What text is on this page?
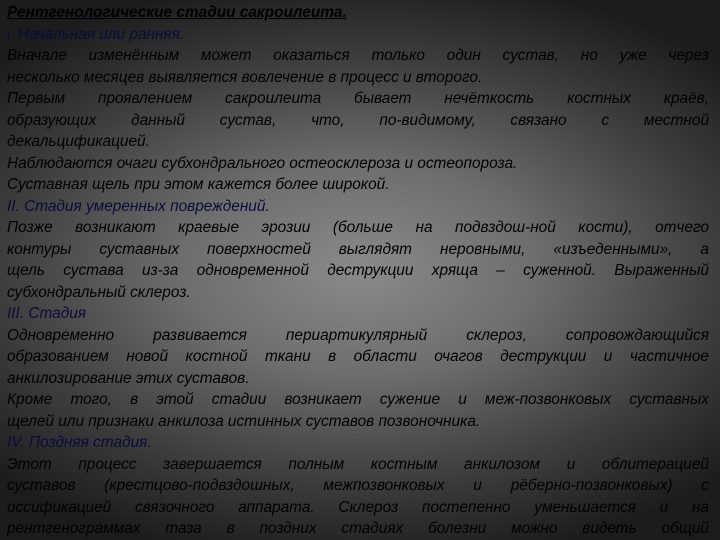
Рентгенологические стадии сакроилеита.
I. Начальная или ранняя.
Вначале изменённым может оказаться только один сустав, но уже через
несколько месяцев выявляется вовлечение в процесс и второго.
Первым проявлением сакроилеита бывает нечёткость костных краёв,
образующих данный сустав, что, по-видимому, связано с местной
декальцификацией.
Наблюдаются очаги субхондрального остеосклероза и остеопороза.
Суставная щель при этом кажется более широкой.
II. Стадия умеренных повреждений.
Позже возникают краевые эрозии (больше на подвздош-ной кости), отчего
контуры суставных поверхностей выглядят неровными, «изъеденными», а
щель сустава из-за одновременной деструкции хряща – суженной. Выраженный
субхондральный склероз.
III. Стадия
Одновременно развивается периартикулярный склероз, сопровождающийся
образованием новой костной ткани в области очагов деструкции и частичное
анкилозирование этих суставов.
Кроме того, в этой стадии возникает сужение и меж-позвонковых суставных
щелей или признаки анкилоза истинных суставов позвоночника.
IV. Поздняя стадия.
Этот процесс завершается полным костным анкилозом и облитерацией
суставов (крестцово-подвздошных, межпозвонковых и рёберно-позвонковых) с
оссификацией связочного аппарата. Склероз постепенно уменьшается и на
рентгенограммах таза в поздних стадиях болезни можно видеть общий
